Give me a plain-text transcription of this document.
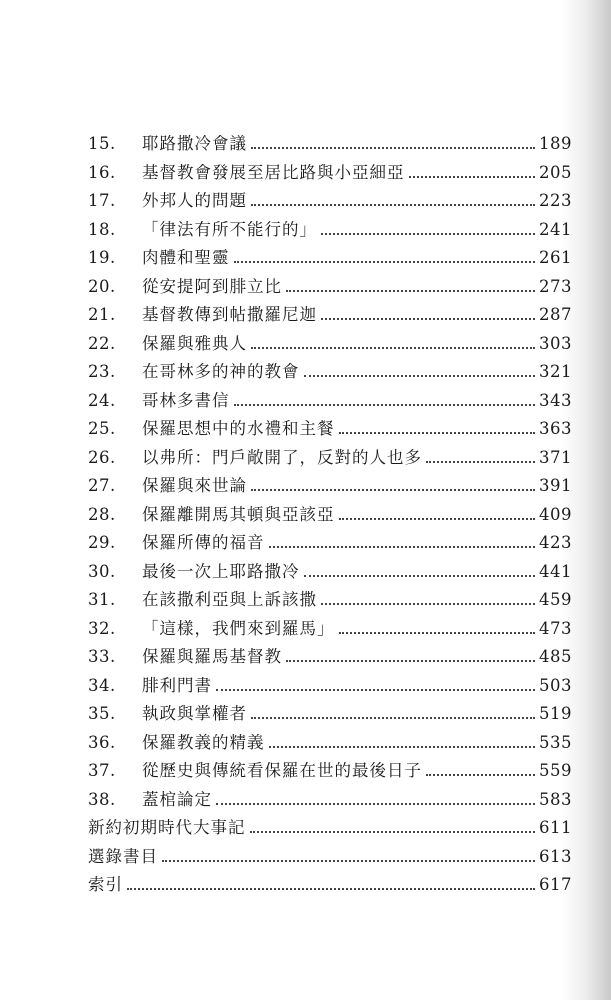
15.	耶路撒冷會議	189
16.	基督教會發展至居比路與小亞細亞	205
17.	外邦人的問題	223
18.	「律法有所不能行的」	241
19.	肉體和聖靈	261
20.	從安提阿到腓立比	273
21.	基督教傳到帖撒羅尼迦	287
22.	保羅與雅典人	303
23.	在哥林多的神的教會	321
24.	哥林多書信	343
25.	保羅思想中的水禮和主餐	363
26.	以弗所：門戶敞開了，反對的人也多	371
27.	保羅與來世論	391
28.	保羅離開馬其頓與亞該亞	409
29.	保羅所傳的福音	423
30.	最後一次上耶路撒冷	441
31.	在該撒利亞與上訴該撒	459
32.	「這樣，我們來到羅馬」	473
33.	保羅與羅馬基督教	485
34.	腓利門書	503
35.	執政與掌權者	519
36.	保羅教義的精義	535
37.	從歷史與傳統看保羅在世的最後日子	559
38.	蓋棺論定	583
新約初期時代大事記	611
選錄書目	613
索引	617
